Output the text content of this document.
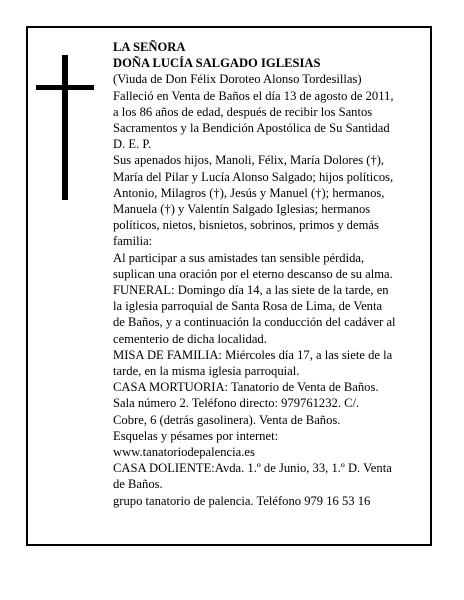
LA SEÑORA
DOÑA LUCÍA SALGADO IGLESIAS
(Viuda de Don Félix Doroteo Alonso Tordesillas)
Falleció en Venta de Baños el día 13 de agosto de 2011,
a los 86 años de edad, después de recibir los Santos
Sacramentos y la Bendición Apostólica de Su Santidad
D. E. P.
Sus apenados hijos, Manoli, Félix, María Dolores (†),
María del Pilar y Lucía Alonso Salgado; hijos políticos,
Antonio, Milagros (†), Jesús y Manuel (†); hermanos,
Manuela (†) y Valentín Salgado Iglesias; hermanos
políticos, nietos, bisnietos, sobrinos, primos y demás
familia:
Al participar a sus amistades tan sensible pérdida,
suplican una oración por el eterno descanso de su alma.
FUNERAL: Domingo día 14, a las siete de la tarde, en
la iglesia parroquial de Santa Rosa de Lima, de Venta
de Baños, y a continuación la conducción del cadáver al
cementerio de dicha localidad.
MISA DE FAMILIA: Miércoles día 17, a las siete de la
tarde, en la misma iglesia parroquial.
CASA MORTUORIA: Tanatorio de Venta de Baños.
Sala número 2. Teléfono directo: 979761232. C/.
Cobre, 6 (detrás gasolinera). Venta de Baños.
Esquelas y pésames por internet:
www.tanatoriodepalencia.es
CASA DOLIENTE:Avda. 1.º de Junio, 33, 1.º D. Venta
de Baños.
grupo tanatorio de palencia. Teléfono 979 16 53 16
